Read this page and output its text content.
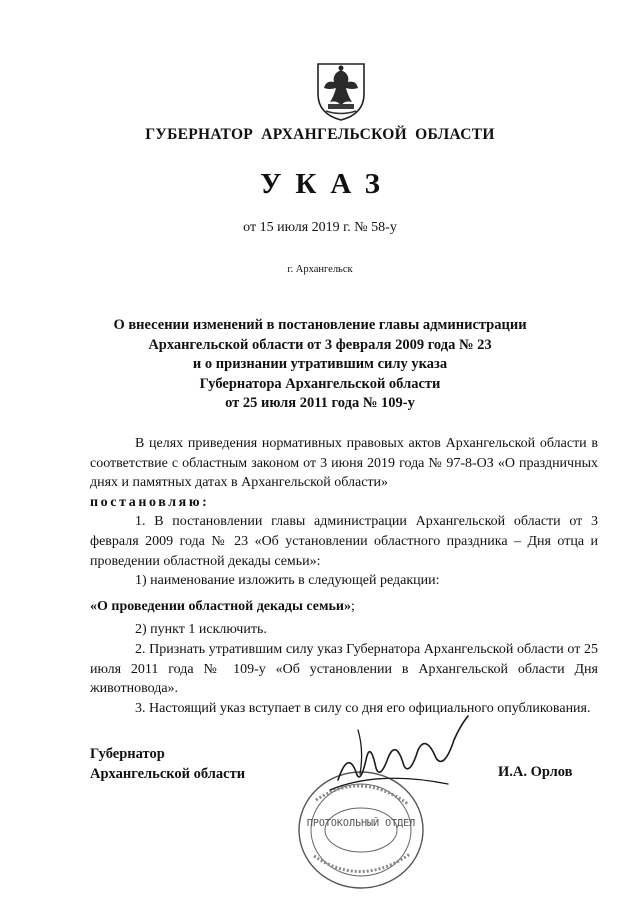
ГУБЕРНАТОР АРХАНГЕЛЬСКОЙ ОБЛАСТИ
УКАЗ
от 15 июля 2019 г. № 58-у
г. Архангельск
О внесении изменений в постановление главы администрации
Архангельской области от 3 февраля 2009 года № 23
и о признании утратившим силу указа
Губернатора Архангельской области
от 25 июля 2011 года № 109-у

В целях приведения нормативных правовых актов Архангельской области в соответствие с областным законом от 3 июня 2019 года № 97-8-ОЗ «О праздничных днях и памятных датах в Архангельской области»

постановляю:

1. В постановлении главы администрации Архангельской области от 3 февраля 2009 года № 23 «Об установлении областного праздника – Дня отца и проведении областной декады семьи»:

1) наименование изложить в следующей редакции:

«О проведении областной декады семьи»;

2) пункт 1 исключить.

2. Признать утратившим силу указ Губернатора Архангельской области от 25 июля 2011 года № 109-у «Об установлении в Архангельской области Дня животновода».

3. Настоящий указ вступает в силу со дня его официального опубликования.

ПРОТОКОЛЬНЫЙ ОТДЕЛ
Губернатор
Архангельской области	И.А. Орлов
